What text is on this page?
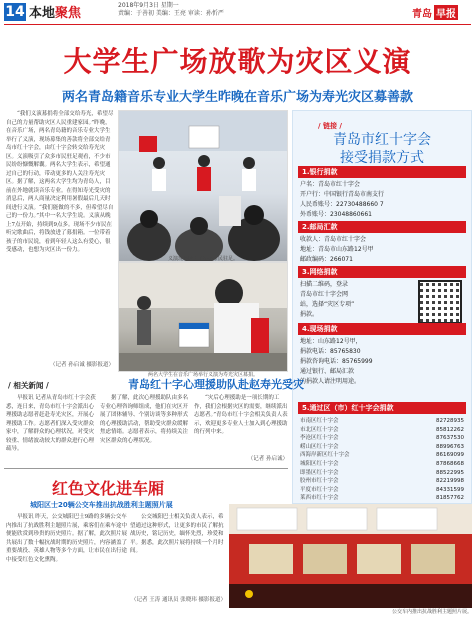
14 本地聚焦
2018年9月3日 星期一
责编：于善初 美编：王亮 审读：孙忻严	青岛 早报
大学生广场放歌为灾区义演
两名青岛籍音乐专业大学生昨晚在音乐广场为寿光灾区募善款

“我们义演募捐将全部交给寿光，希望尽自己的力量帮助灾区人民重建家园。”昨晚，在音乐广场，两名青岛籍的音乐专业大学生举行了义演，现场募集的善款将全部交给青岛市红十字会，由红十字会转交给寿光灾区。义演吸引了众多市民驻足观看，不少市民纷纷慷慨解囊。两名大学生表示，希望通过自己的行动，带动更多的人关注寿光灾区。据了解，这两名大学生均为青岛人，目前在外地就读音乐专业。在得知寿光受灾的消息后，两人商量决定利用暑假最后几天时间进行义演。“我们能做的不多，但希望尽自己的一份力。”其中一名大学生说。义演从晚上7点开始，持续到9点多。现场不少市民在听完歌曲后，将钱放进了募捐箱。一位带着孩子的市民说，看到年轻人这么有爱心，很受感动，也想为灾区出一份力。

（记者 孙启诚 摄影报道）
义演现场吸引了很多市民驻足。
两名大学生在音乐广场举行义演为寿光灾区募捐。
/ 链接 /
青岛市红十字会
接受捐款方式
1.银行捐款
户名：青岛市红十字会
开户行：中国银行青岛市南支行
人民币账号：22730488660 7
外币账号：23048860661
2.邮局汇款
收款人：青岛市红十字会
地址：青岛市山东路12号甲
邮政编码：266071
3.网络捐款
扫描二维码，登录
青岛市红十字会网
站，选择“灾区专项”
捐款。
4.现场捐款
地址：山东路12号甲，
捐款电话：85765830
捐款咨询电话：85765999
通过银行、邮局汇款
的捐款人请注明用途。
5.通过区（市）红十字会捐款
市南区红十字会	82728935
市北区红十字会	85812262
李沧区红十字会	87637530
崂山区红十字会	88996763
西海岸新区红十字会	86169099
城阳区红十字会	87868668
即墨区红十字会	88522995
胶州市红十字会	82219998
平度市红十字会	84331599
莱西市红十字会	81857762
/ 相关新闻 /	青岛红十字心理援助队赴赵寿光受灾

早报讯 记者从青岛市红十字会获悉，连日来，青岛市红十字会派出心理援助志愿者赶赴寿光灾区，开展心理援助工作。志愿者们深入受灾群众家中，了解群众的心理状况，对受灾较重、情绪波动较大的群众进行心理疏导。

据了解，此次心理援助队由多名专业心理咨询师组成，他们在灾区开展了团体辅导、个别访谈等多种形式的心理援助活动，帮助受灾群众缓解焦虑情绪。志愿者表示，将持续关注灾区群众的心理状况。

“灾后心理援助是一项长期的工作，我们会根据灾区的需要，继续派出志愿者。”青岛市红十字会相关负责人表示，欢迎更多专业人士加入到心理援助的行列中来。

（记者 孙启诚）
红色文化进车厢
城阳区士20辆公交车推出抗战胜利主题照片展

早报讯 昨天，公交城阳巴士9路的多辆公交车内推出了抗战胜利主题照片展，乘客们在乘车途中便能欣赏到珍贵的历史照片。据了解，此次照片展共展出了数十幅抗战时期的历史照片，内容涵盖了重要战役、英雄人物等多个方面，让市民在出行途中接受红色文化熏陶。

公交城阳巴士相关负责人表示，希望通过这种形式，让更多的市民了解抗战历史，铭记历史，缅怀先烈，珍爱和平。据悉，此次照片展将持续一个月时间。

（记者 王涛 通讯员 张晓玮 摄影报道）
公交车内推出抗战胜利主题照片展。
